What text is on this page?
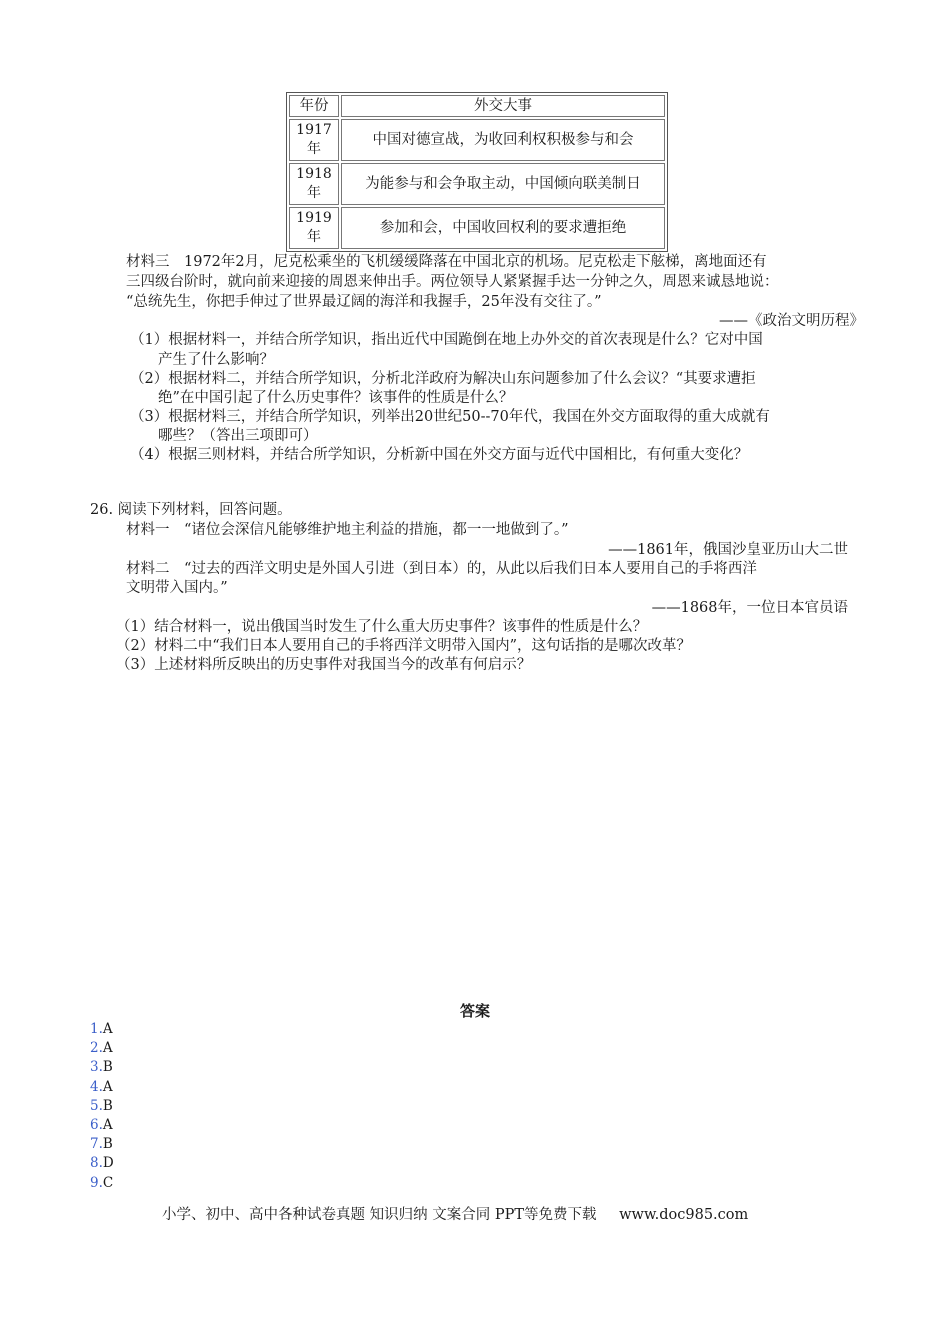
年份	外交大事
1917年	中国对德宣战，为收回利权积极参与和会
1918年	为能参与和会争取主动，中国倾向联美制日
1919年	参加和会，中国收回权利的要求遭拒绝
材料三　1972年2月，尼克松乘坐的飞机缓缓降落在中国北京的机场。尼克松走下舷梯，离地面还有
三四级台阶时，就向前来迎接的周恩来伸出手。两位领导人紧紧握手达一分钟之久，周恩来诚恳地说：
“总统先生，你把手伸过了世界最辽阔的海洋和我握手，25年没有交往了。”
——《政治文明历程》
（1）根据材料一，并结合所学知识，指出近代中国跪倒在地上办外交的首次表现是什么？它对中国
产生了什么影响？
（2）根据材料二，并结合所学知识，分析北洋政府为解决山东问题参加了什么会议？“其要求遭拒
绝”在中国引起了什么历史事件？该事件的性质是什么？
（3）根据材料三，并结合所学知识，列举出20世纪50--70年代，我国在外交方面取得的重大成就有
哪些？（答出三项即可）
（4）根据三则材料，并结合所学知识，分析新中国在外交方面与近代中国相比，有何重大变化？
26. 阅读下列材料，回答问题。
材料一　“诸位会深信凡能够维护地主利益的措施，都一一地做到了。”
——1861年，俄国沙皇亚历山大二世
材料二　“过去的西洋文明史是外国人引进（到日本）的，从此以后我们日本人要用自己的手将西洋
文明带入国内。”
——1868年，一位日本官员语
（1）结合材料一，说出俄国当时发生了什么重大历史事件？该事件的性质是什么？
（2）材料二中“我们日本人要用自己的手将西洋文明带入国内”，这句话指的是哪次改革？
（3）上述材料所反映出的历史事件对我国当今的改革有何启示？
答案
1.A
2.A
3.B
4.A
5.B
6.A
7.B
8.D
9.C
小学、初中、高中各种试卷真题 知识归纳 文案合同 PPT等免费下载 www.doc985.com
